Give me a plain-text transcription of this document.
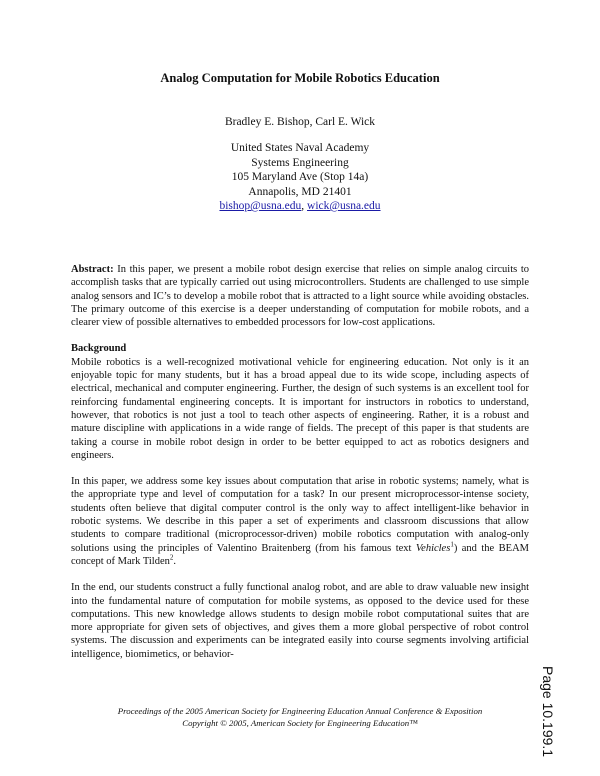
Analog Computation for Mobile Robotics Education
Bradley E. Bishop, Carl E. Wick
United States Naval Academy
Systems Engineering
105 Maryland Ave (Stop 14a)
Annapolis, MD 21401
bishop@usna.edu, wick@usna.edu

Abstract: In this paper, we present a mobile robot design exercise that relies on simple analog circuits to accomplish tasks that are typically carried out using microcontrollers. Students are challenged to use simple analog sensors and IC’s to develop a mobile robot that is attracted to a light source while avoiding obstacles. The primary outcome of this exercise is a deeper understanding of computation for mobile robots, and a clearer view of possible alternatives to embedded processors for low-cost applications.

Background

Mobile robotics is a well-recognized motivational vehicle for engineering education. Not only is it an enjoyable topic for many students, but it has a broad appeal due to its wide scope, including aspects of electrical, mechanical and computer engineering. Further, the design of such systems is an excellent tool for reinforcing fundamental engineering concepts. It is important for instructors in robotics to understand, however, that robotics is not just a tool to teach other aspects of engineering. Rather, it is a robust and mature discipline with applications in a wide range of fields. The precept of this paper is that students are taking a course in mobile robot design in order to be better equipped to act as robotics designers and engineers.

In this paper, we address some key issues about computation that arise in robotic systems; namely, what is the appropriate type and level of computation for a task? In our present microprocessor-intense society, students often believe that digital computer control is the only way to affect intelligent-like behavior in robotic systems. We describe in this paper a set of experiments and classroom discussions that allow students to compare traditional (microprocessor-driven) mobile robotics computation with analog-only solutions using the principles of Valentino Braitenberg (from his famous text Vehicles$^1$) and the BEAM concept of Mark Tilden$^2$.

In the end, our students construct a fully functional analog robot, and are able to draw valuable new insight into the fundamental nature of computation for mobile systems, as opposed to the device used for these computations. This new knowledge allows students to design mobile robot computational suites that are more appropriate for given sets of objectives, and gives them a more global perspective of robot control systems. The discussion and experiments can be integrated easily into course segments involving artificial intelligence, biomimetics, or behavior-

Proceedings of the 2005 American Society for Engineering Education Annual Conference & Exposition
Copyright © 2005, American Society for Engineering Education™	Page 10.199.1
